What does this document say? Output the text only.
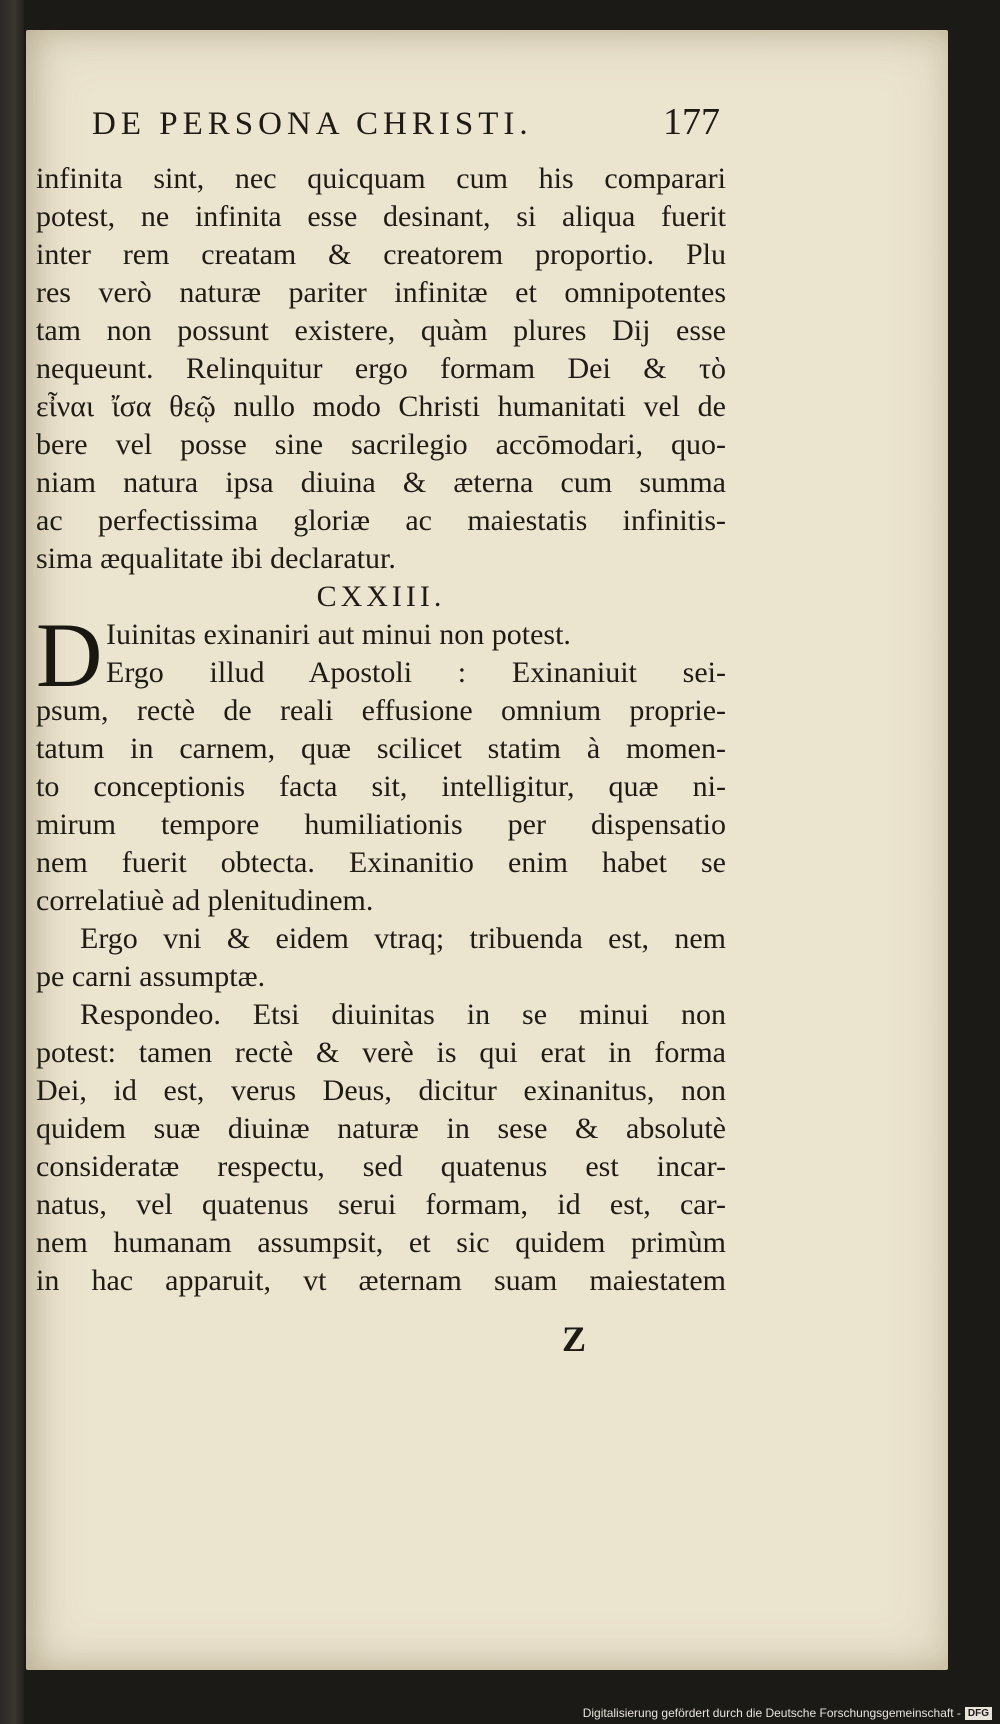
DE PERSONA CHRISTI.	177
infinita sint, nec quicquam cum his comparari
potest, ne infinita esse desinant, si aliqua fuerit
inter rem creatam & creatorem proportio. Plu
res verò naturæ pariter infinitæ et omnipotentes
tam non possunt existere, quàm plures Dij esse
nequeunt. Relinquitur ergo formam Dei & τὸ
εἶναι ἴσα θεῷ nullo modo Christi humanitati vel de
bere vel posse sine sacrilegio accōmodari, quo-
niam natura ipsa diuina & æterna cum summa
ac perfectissima gloriæ ac maiestatis infinitis-
sima æqualitate ibi declaratur.
CXXIII.
D Iuinitas exinaniri aut minui non potest.
Ergo illud Apostoli : Exinaniuit sei-
psum, rectè de reali effusione omnium proprie-
tatum in carnem, quæ scilicet statim à momen-
to conceptionis facta sit, intelligitur, quæ ni-
mirum tempore humiliationis per dispensatio
nem fuerit obtecta. Exinanitio enim habet se
correlatiuè ad plenitudinem.
Ergo vni & eidem vtraq; tribuenda est, nem
pe carni assumptæ.
Respondeo. Etsi diuinitas in se minui non
potest: tamen rectè & verè is qui erat in forma
Dei, id est, verus Deus, dicitur exinanitus, non
quidem suæ diuinæ naturæ in sese & absolutè
consideratæ respectu, sed quatenus est incar-
natus, vel quatenus serui formam, id est, car-
nem humanam assumpsit, et sic quidem primùm
in hac apparuit, vt æternam suam maiestatem
Z
Digitalisierung gefördert durch die Deutsche Forschungsgemeinschaft - DFG
